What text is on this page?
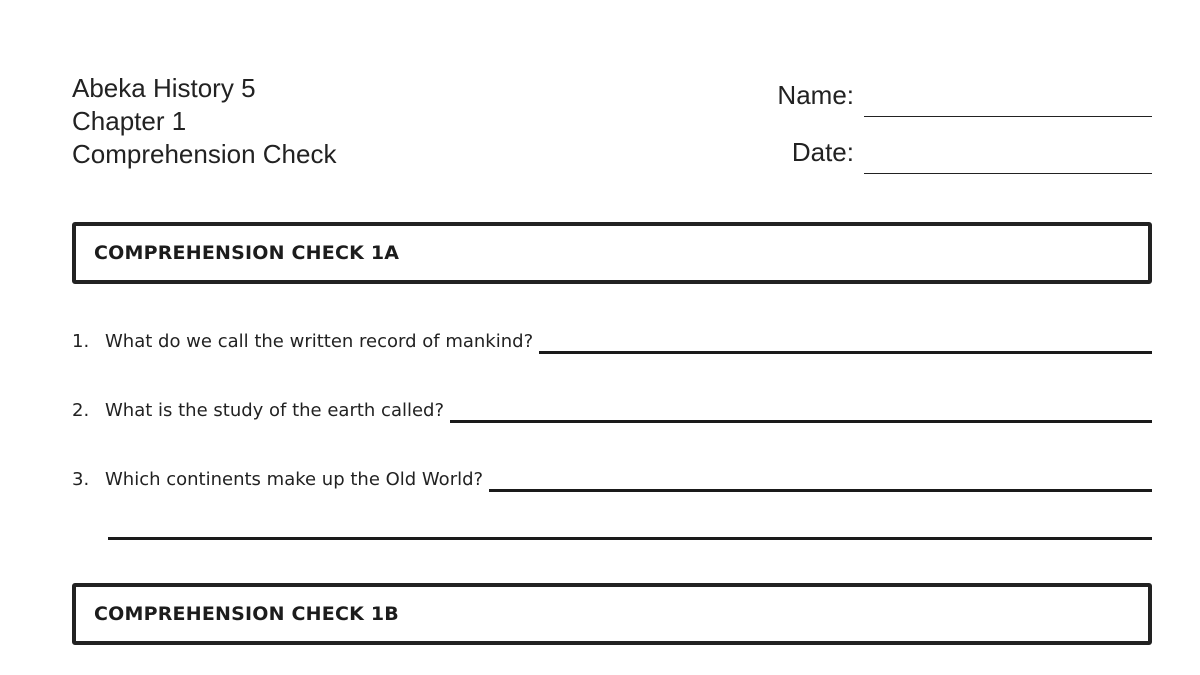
Abeka History 5
Chapter 1
Comprehension Check
Name:
Date:
COMPREHENSION CHECK 1A
1. What do we call the written record of mankind?
2. What is the study of the earth called?
3. Which continents make up the Old World?
COMPREHENSION CHECK 1B
